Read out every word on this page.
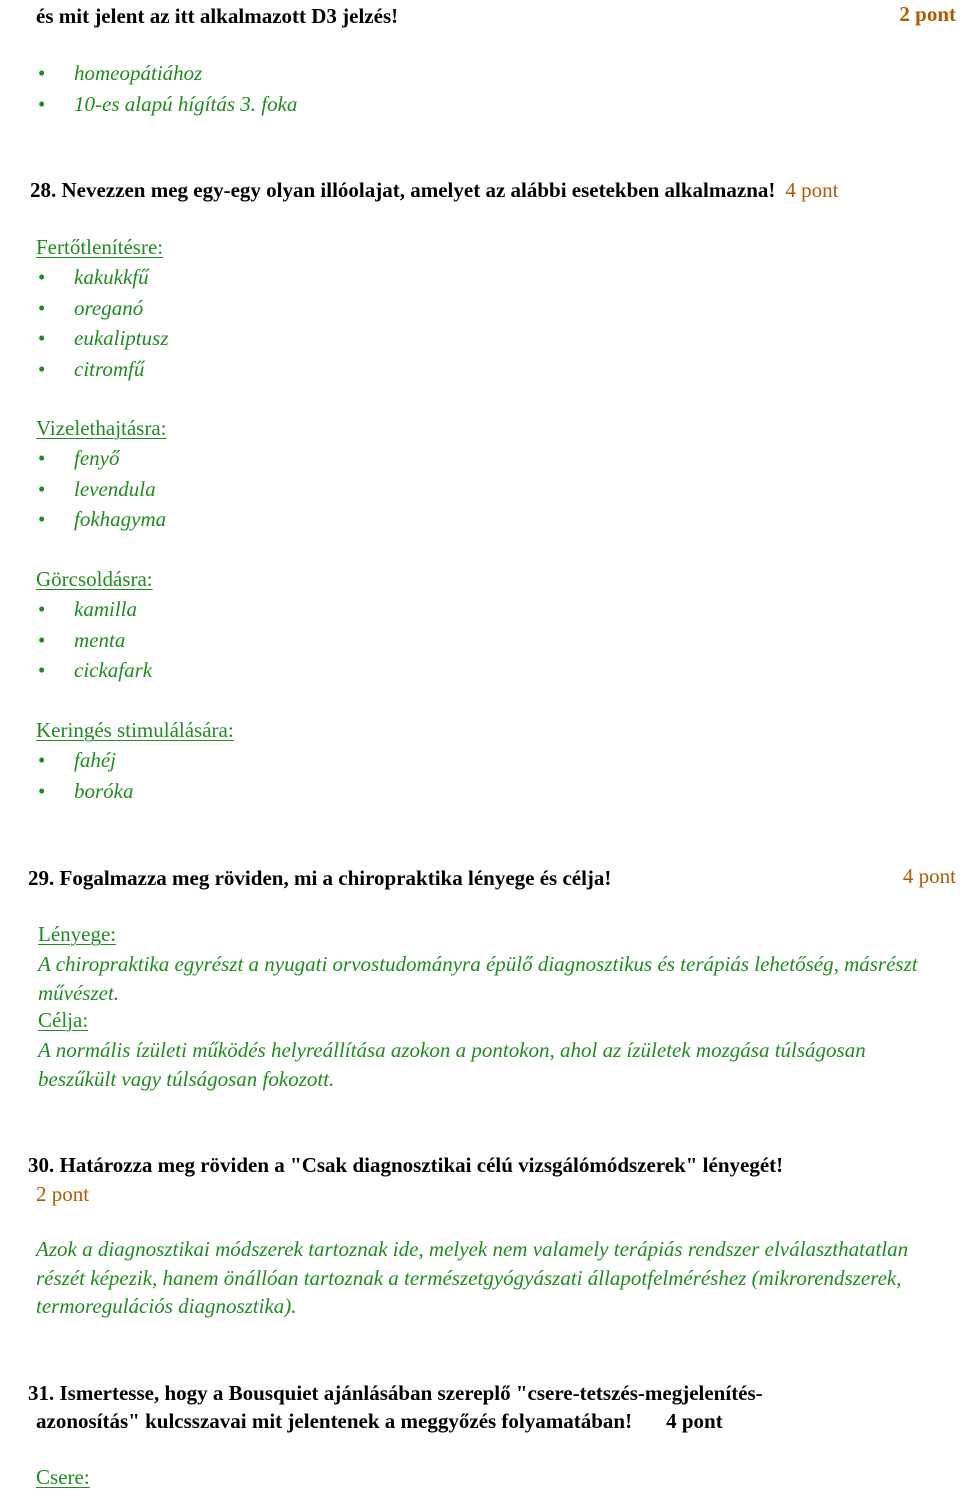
és mit jelent az itt alkalmazott D3 jelzés!	2 pont
• homeopátiához
• 10-es alapú hígítás 3. foka
28. Nevezzen meg egy-egy olyan illóolajat, amelyet az alábbi esetekben alkalmazna! 4 pont
Fertőtlenítésre:
• kakukkfű
• oreganó
• eukaliptusz
• citromfű
Vizelethajtásra:
• fenyő
• levendula
• fokhagyma
Görcsoldásra:
• kamilla
• menta
• cickafark
Keringés stimulálására:
• fahéj
• boróka
29. Fogalmazza meg röviden, mi a chiropraktika lényege és célja!	4 pont
Lényege:
A chiropraktika egyrészt a nyugati orvostudományra épülő diagnosztikus és terápiás lehetőség, másrészt művészet.
Célja:
A normális ízületi működés helyreállítása azokon a pontokon, ahol az ízületek mozgása túlságosan beszűkült vagy túlságosan fokozott.
30. Határozza meg röviden a "Csak diagnosztikai célú vizsgálómódszerek" lényegét!
2 pont
Azok a diagnosztikai módszerek tartoznak ide, melyek nem valamely terápiás rendszer elválaszthatatlan részét képezik, hanem önállóan tartoznak a természetgyógyászati állapotfelméréshez (mikrorendszerek, termoregulációs diagnosztika).
31. Ismertesse, hogy a Bousquiet ajánlásában szereplő "csere-tetszés-megjelenítés-
azonosítás" kulcsszavai mit jelentenek a meggyőzés folyamatában! 4 pont
Csere:
